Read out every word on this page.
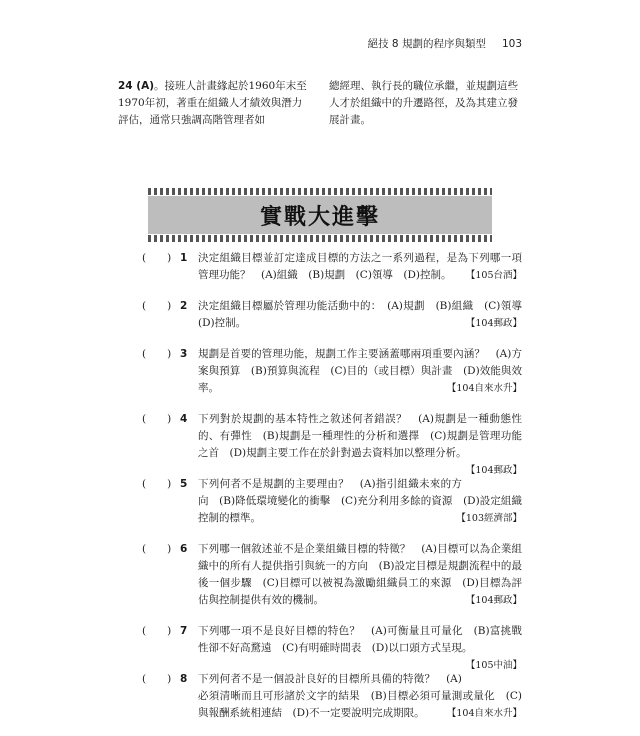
絕技 8 規劃的程序與類型 103
24 (A)。接班人計畫緣起於1960年末至1970年初，著重在組織人才績效與潛力評估，通常只強調高階管理者如
總經理、執行長的職位承繼，並規劃這些人才於組織中的升遷路徑，及為其建立發展計畫。
實戰大進擊
(　　) 1 決定組織目標並訂定達成目標的方法之一系列過程，是為下列哪一項管理功能？　(A)組織　(B)規劃　(C)領導　(D)控制。	【105台酒】
(　　) 2 決定組織目標屬於管理功能活動中的：　(A)規劃　(B)組織　(C)領導　(D)控制。	【104郵政】
(　　) 3 規劃是首要的管理功能，規劃工作主要涵蓋哪兩項重要內涵？　(A)方案與預算　(B)預算與流程　(C)目的（或目標）與計畫　(D)效能與效率。	【104自來水升】
(　　) 4 下列對於規劃的基本特性之敘述何者錯誤？　(A)規劃是一種動態性的、有彈性　(B)規劃是一種理性的分析和選擇　(C)規劃是管理功能之首　(D)規劃主要工作在於針對過去資料加以整理分析。
【104郵政】
(　　) 5 下列何者不是規劃的主要理由？　(A)指引組織未來的方向　(B)降低環境變化的衝擊　(C)充分利用多餘的資源　(D)設定組織控制的標準。	【103經濟部】
(　　) 6 下列哪一個敘述並不是企業組織目標的特徵？　(A)目標可以為企業組織中的所有人提供指引與統一的方向　(B)設定目標是規劃流程中的最後一個步驟　(C)目標可以被視為激勵組織員工的來源　(D)目標為評估與控制提供有效的機制。	【104郵政】
(　　) 7 下列哪一項不是良好目標的特色？　(A)可衡量且可量化　(B)富挑戰性卻不好高騖遠　(C)有明確時間表　(D)以口頭方式呈現。
【105中油】
(　　) 8 下列何者不是一個設計良好的目標所具備的特徵？　(A)必須清晰而且可形諸於文字的結果　(B)目標必須可量測或量化　(C)與報酬系統相連結　(D)不一定要說明完成期限。	【104自來水升】
